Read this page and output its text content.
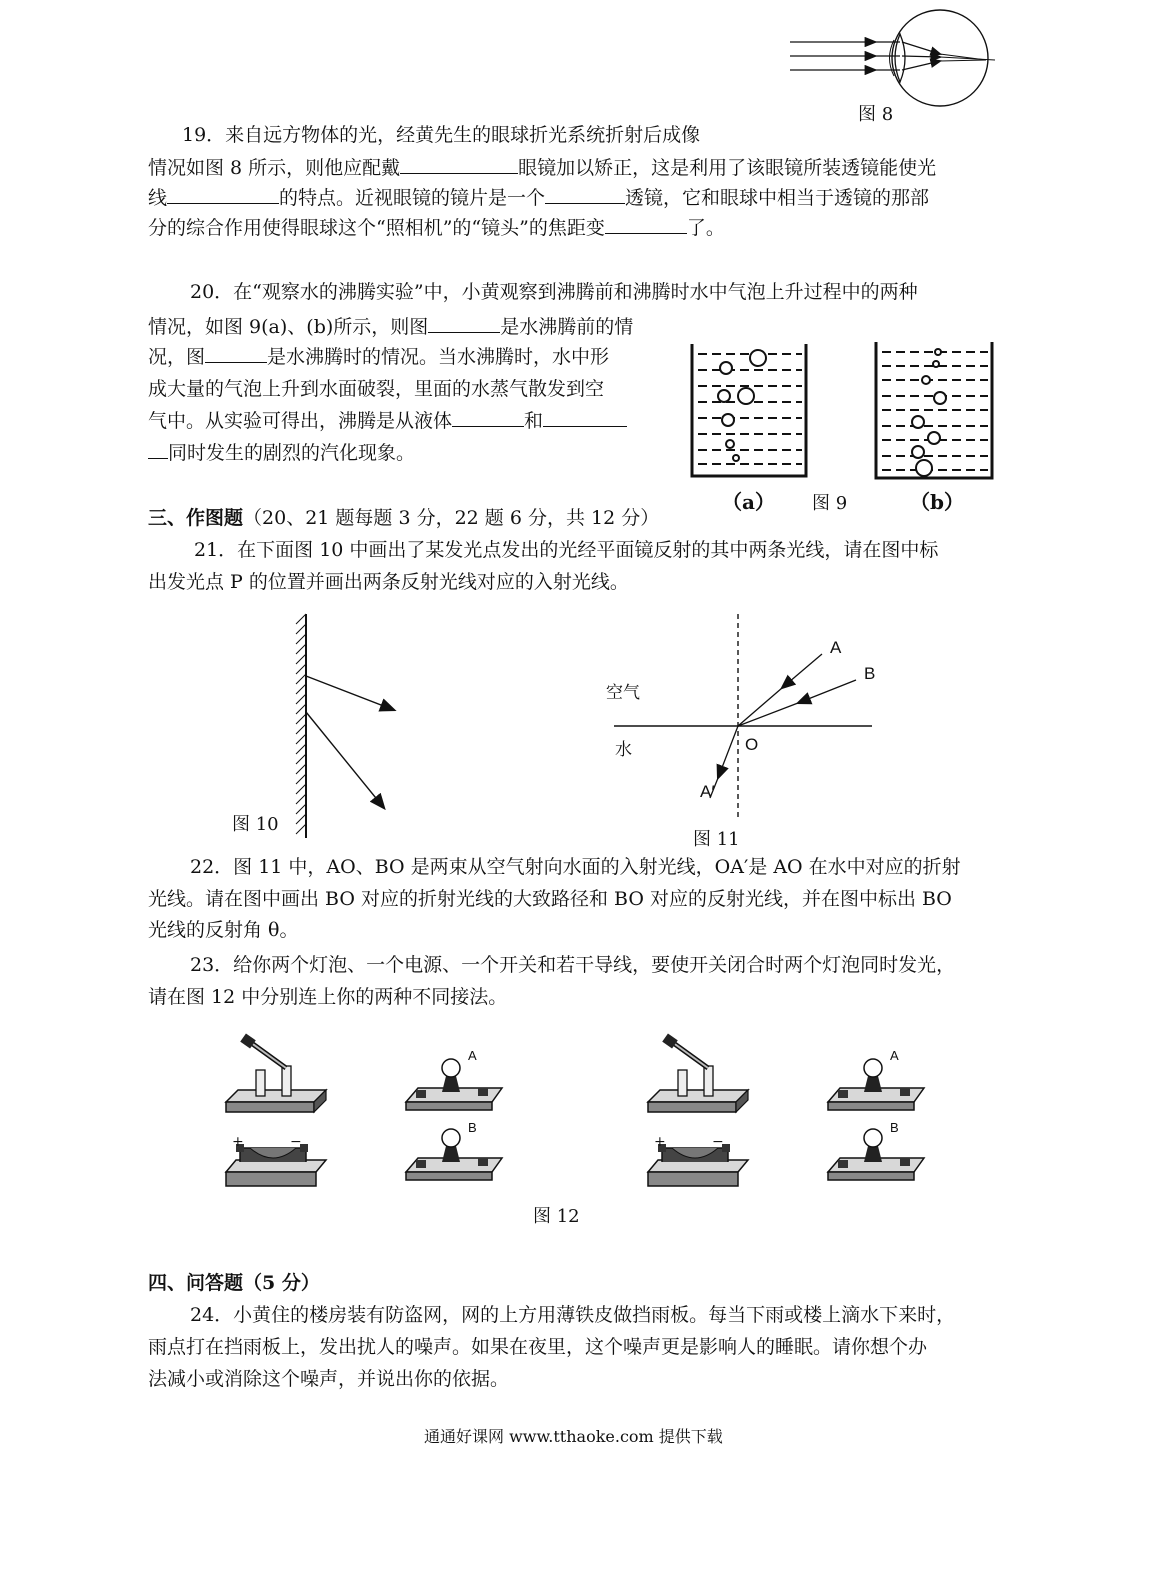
图 8
19．来自远方物体的光，经黄先生的眼球折光系统折射后成像
情况如图 8 所示，则他应配戴	眼镜加以矫正，这是利用了该眼镜所装透镜能使光
线	的特点。近视眼镜的镜片是一个	透镜，它和眼球中相当于透镜的那部
分的综合作用使得眼球这个“照相机”的“镜头”的焦距变	了。
20．在“观察水的沸腾实验”中，小黄观察到沸腾前和沸腾时水中气泡上升过程中的两种
情况，如图 9(a)、(b)所示，则图	是水沸腾前的情
况，图	是水沸腾时的情况。当水沸腾时，水中形
成大量的气泡上升到水面破裂，里面的水蒸气散发到空
气中。从实验可得出，沸腾是从液体	和
同时发生的剧烈的汽化现象。
（a） 图 9	（b）
三、作图题（20、21 题每题 3 分，22 题 6 分，共 12 分）
21．在下面图 10 中画出了某发光点发出的光经平面镜反射的其中两条光线，请在图中标
出发光点 P 的位置并画出两条反射光线对应的入射光线。
图 10
空气
水
A
B
O
A′
图 11
22．图 11 中，AO、BO 是两束从空气射向水面的入射光线，OA′是 AO 在水中对应的折射
光线。请在图中画出 BO 对应的折射光线的大致路径和 BO 对应的反射光线，并在图中标出 BO
光线的反射角 θ。
23．给你两个灯泡、一个电源、一个开关和若干导线，要使开关闭合时两个灯泡同时发光，
请在图 12 中分别连上你的两种不同接法。
A
B
+	−
A
B
+	−
图 12
四、问答题（5 分）
24．小黄住的楼房装有防盗网，网的上方用薄铁皮做挡雨板。每当下雨或楼上滴水下来时，
雨点打在挡雨板上，发出扰人的噪声。如果在夜里，这个噪声更是影响人的睡眠。请你想个办
法减小或消除这个噪声，并说出你的依据。
通通好课网 www.tthaoke.com 提供下载
